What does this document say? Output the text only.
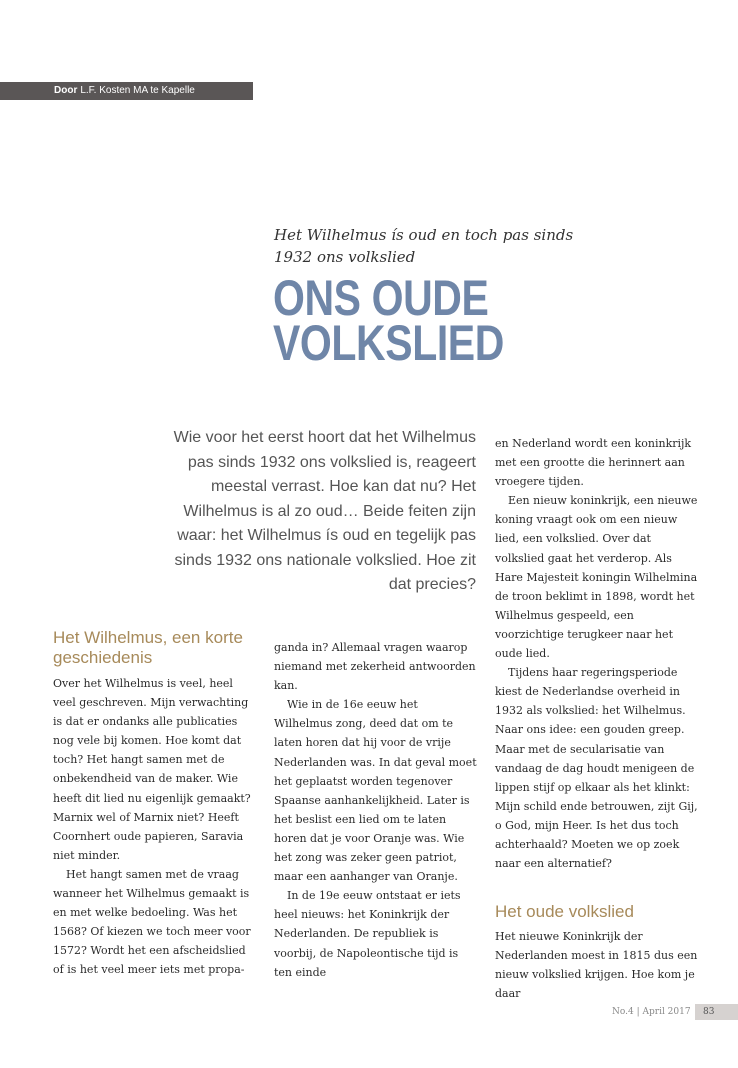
Door L.F. Kosten MA te Kapelle
Het Wilhelmus ís oud en toch pas sinds 1932 ons volkslied
ONS OUDE
VOLKSLIED
Wie voor het eerst hoort dat het Wilhelmus pas sinds 1932 ons volkslied is, reageert meestal verrast. Hoe kan dat nu? Het Wilhelmus is al zo oud… Beide feiten zijn waar: het Wilhelmus ís oud en tegelijk pas sinds 1932 ons nationale volkslied. Hoe zit dat precies?
Het Wilhelmus, een korte geschiedenis

Over het Wilhelmus is veel, heel veel geschreven. Mijn verwachting is dat er ondanks alle publicaties nog vele bij komen. Hoe komt dat toch? Het hangt samen met de onbekendheid van de maker. Wie heeft dit lied nu eigenlijk gemaakt? Marnix wel of Marnix niet? Heeft Coornhert oude papieren, Saravia niet minder.

Het hangt samen met de vraag wanneer het Wilhelmus gemaakt is en met welke bedoeling. Was het 1568? Of kiezen we toch meer voor 1572? Wordt het een afscheidslied of is het veel meer iets met propa-

ganda in? Allemaal vragen waarop niemand met zekerheid antwoorden kan.

Wie in de 16e eeuw het Wilhelmus zong, deed dat om te laten horen dat hij voor de vrije Nederlanden was. In dat geval moet het geplaatst worden tegenover Spaanse aanhankelijkheid. Later is het beslist een lied om te laten horen dat je voor Oranje was. Wie het zong was zeker geen patriot, maar een aanhanger van Oranje.

In de 19e eeuw ontstaat er iets heel nieuws: het Koninkrijk der Nederlanden. De republiek is voorbij, de Napoleontische tijd is ten einde

en Nederland wordt een koninkrijk met een grootte die herinnert aan vroegere tijden.

Een nieuw koninkrijk, een nieuwe koning vraagt ook om een nieuw lied, een volkslied. Over dat volkslied gaat het verderop. Als Hare Majesteit koningin Wilhelmina de troon beklimt in 1898, wordt het Wilhelmus gespeeld, een voorzichtige terugkeer naar het oude lied.

Tijdens haar regeringsperiode kiest de Nederlandse overheid in 1932 als volkslied: het Wilhelmus. Naar ons idee: een gouden greep. Maar met de secularisatie van vandaag de dag houdt menigeen de lippen stijf op elkaar als het klinkt: Mijn schild ende betrouwen, zijt Gij, o God, mijn Heer. Is het dus toch achterhaald? Moeten we op zoek naar een alternatief?

Het oude volkslied

Het nieuwe Koninkrijk der Nederlanden moest in 1815 dus een nieuw volkslied krijgen. Hoe kom je daar

No.4 | April 2017	83
